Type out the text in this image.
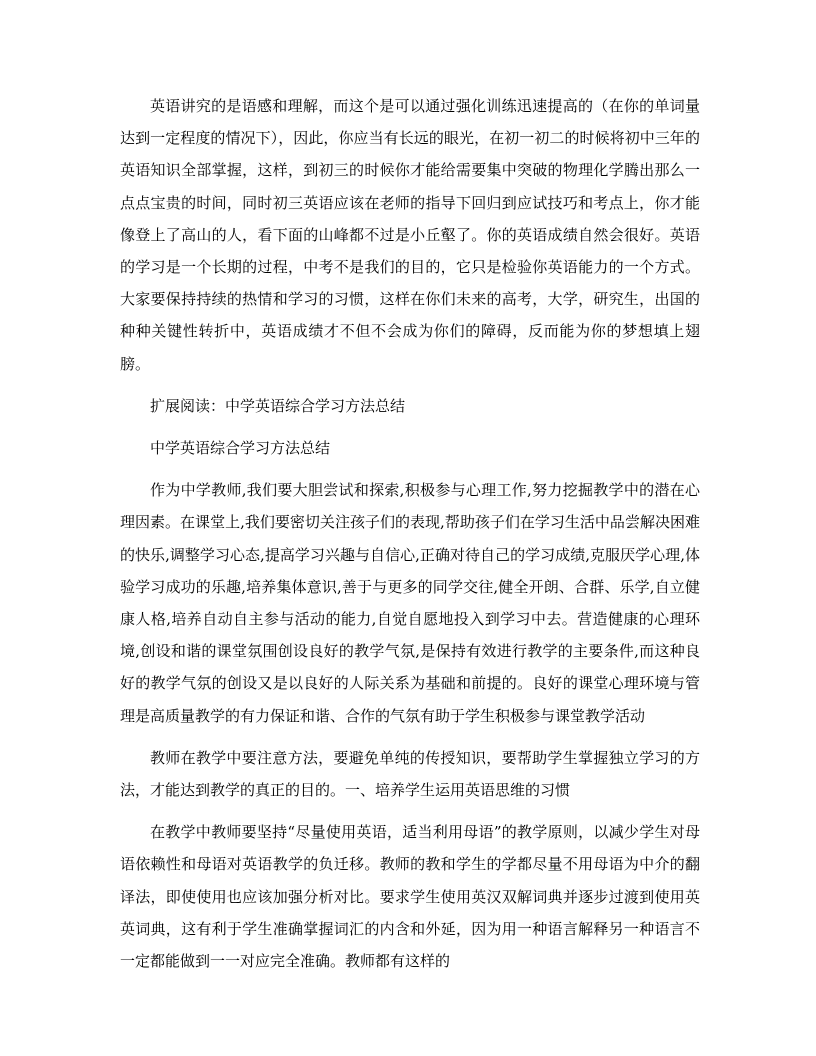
英语讲究的是语感和理解，而这个是可以通过强化训练迅速提高的（在你的单词量达到一定程度的情况下），因此，你应当有长远的眼光，在初一初二的时候将初中三年的英语知识全部掌握，这样，到初三的时候你才能给需要集中突破的物理化学腾出那么一点点宝贵的时间，同时初三英语应该在老师的指导下回归到应试技巧和考点上，你才能像登上了高山的人，看下面的山峰都不过是小丘壑了。你的英语成绩自然会很好。英语的学习是一个长期的过程，中考不是我们的目的，它只是检验你英语能力的一个方式。大家要保持持续的热情和学习的习惯，这样在你们未来的高考，大学，研究生，出国的种种关键性转折中，英语成绩才不但不会成为你们的障碍，反而能为你的梦想填上翅膀。

扩展阅读：中学英语综合学习方法总结

中学英语综合学习方法总结

作为中学教师,我们要大胆尝试和探索,积极参与心理工作,努力挖掘教学中的潜在心理因素。在课堂上,我们要密切关注孩子们的表现,帮助孩子们在学习生活中品尝解决困难的快乐,调整学习心态,提高学习兴趣与自信心,正确对待自己的学习成绩,克服厌学心理,体验学习成功的乐趣,培养集体意识,善于与更多的同学交往,健全开朗、合群、乐学,自立健康人格,培养自动自主参与活动的能力,自觉自愿地投入到学习中去。营造健康的心理环境,创设和谐的课堂氛围创设良好的教学气氛,是保持有效进行教学的主要条件,而这种良好的教学气氛的创设又是以良好的人际关系为基础和前提的。良好的课堂心理环境与管理是高质量教学的有力保证和谐、合作的气氛有助于学生积极参与课堂教学活动

教师在教学中要注意方法，要避免单纯的传授知识，要帮助学生掌握独立学习的方法，才能达到教学的真正的目的。一、培养学生运用英语思维的习惯

在教学中教师要坚持“尽量使用英语，适当利用母语”的教学原则，以减少学生对母语依赖性和母语对英语教学的负迁移。教师的教和学生的学都尽量不用母语为中介的翻译法，即使使用也应该加强分析对比。要求学生使用英汉双解词典并逐步过渡到使用英英词典，这有利于学生准确掌握词汇的内含和外延，因为用一种语言解释另一种语言不一定都能做到一一对应完全准确。教师都有这样的
